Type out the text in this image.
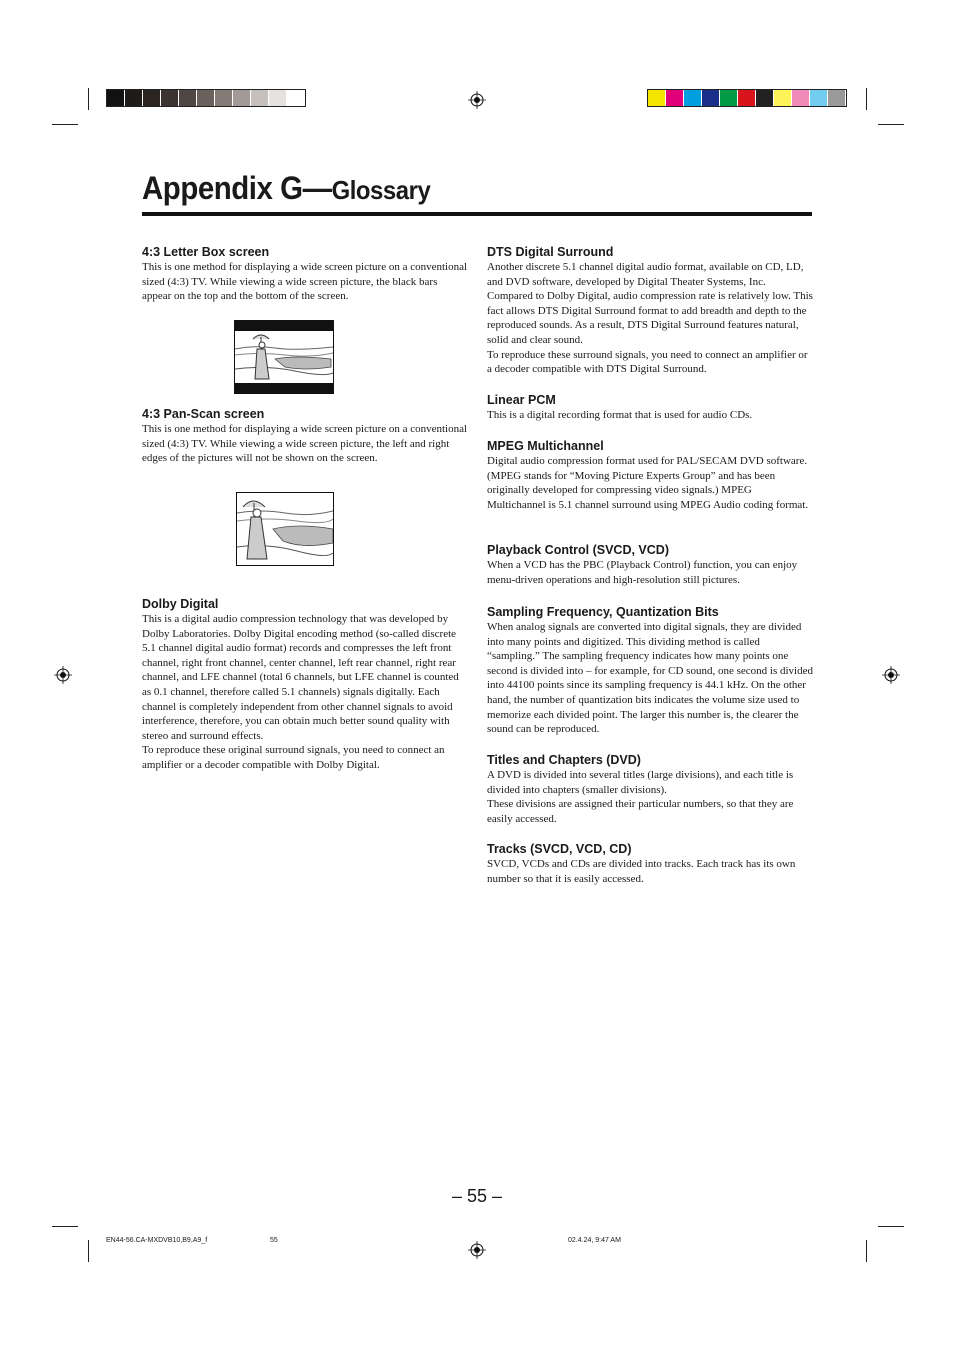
Appendix G—Glossary
4:3 Letter Box screen

This is one method for displaying a wide screen picture on a conventional sized (4:3) TV. While viewing a wide screen picture, the black bars appear on the top and the bottom of the screen.

4:3 Pan-Scan screen

This is one method for displaying a wide screen picture on a conventional sized (4:3) TV. While viewing a wide screen picture, the left and right edges of the pictures will not be shown on the screen.

Dolby Digital

This is a digital audio compression technology that was developed by Dolby Laboratories. Dolby Digital encoding method (so-called discrete 5.1 channel digital audio format) records and compresses the left front channel, right front channel, center channel, left rear channel, right rear channel, and LFE channel (total 6 channels, but LFE channel is counted as 0.1 channel, therefore called 5.1 channels) signals digitally. Each channel is completely independent from other channel signals to avoid interference, therefore, you can obtain much better sound quality with stereo and surround effects.

To reproduce these original surround signals, you need to connect an amplifier or a decoder compatible with Dolby Digital.

DTS Digital Surround

Another discrete 5.1 channel digital audio format, available on CD, LD, and DVD software, developed by Digital Theater Systems, Inc. Compared to Dolby Digital, audio compression rate is relatively low. This fact allows DTS Digital Surround format to add breadth and depth to the reproduced sounds. As a result, DTS Digital Surround features natural, solid and clear sound.

To reproduce these surround signals, you need to connect an amplifier or a decoder compatible with DTS Digital Surround.

Linear PCM

This is a digital recording format that is used for audio CDs.

MPEG Multichannel

Digital audio compression format used for PAL/SECAM DVD software. (MPEG stands for “Moving Picture Experts Group” and has been originally developed for compressing video signals.) MPEG Multichannel is 5.1 channel surround using MPEG Audio coding format.

Playback Control (SVCD, VCD)

When a VCD has the PBC (Playback Control) function, you can enjoy menu-driven operations and high-resolution still pictures.

Sampling Frequency, Quantization Bits

When analog signals are converted into digital signals, they are divided into many points and digitized. This dividing method is called “sampling.” The sampling frequency indicates how many points one second is divided into – for example, for CD sound, one second is divided into 44100 points since its sampling frequency is 44.1 kHz. On the other hand, the number of quantization bits indicates the volume size used to memorize each divided point. The larger this number is, the clearer the sound can be reproduced.

Titles and Chapters (DVD)

A DVD is divided into several titles (large divisions), and each title is divided into chapters (smaller divisions).

These divisions are assigned their particular numbers, so that they are easily accessed.

Tracks (SVCD, VCD, CD)

SVCD, VCDs and CDs are divided into tracks. Each track has its own number so that it is easily accessed.

– 55 –
EN44-56.CA-MXDVB10,B9,A9_f	55	02.4.24, 9:47 AM
